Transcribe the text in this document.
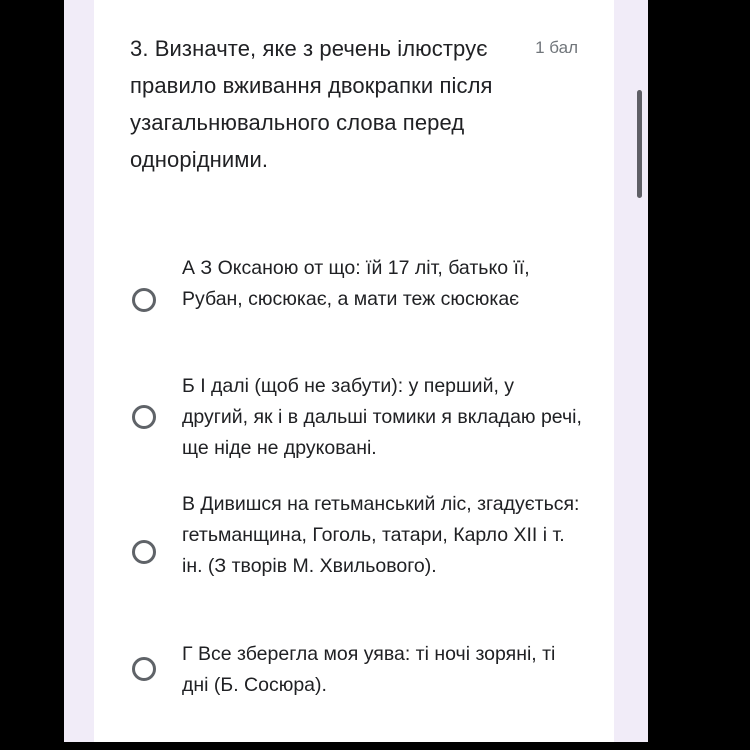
3. Визначте, яке з речень ілюструє правило вживання двокрапки після узагальнювального слова перед однорідними.

1 бал
А З Оксаною от що: їй 17 літ, батько її, Рубан, сюсюкає, а мати теж сюсюкає
Б І далі (щоб не забути): у перший, у другий, як і в дальші томики я вкладаю речі, ще ніде не друковані.
В Дивишся на гетьманський ліс, згадується: гетьманщина, Гоголь, татари, Карло XII і т. ін. (З творів М. Хвильового).
Г Все зберегла моя уява: ті ночі зоряні, ті дні (Б. Сосюра).
